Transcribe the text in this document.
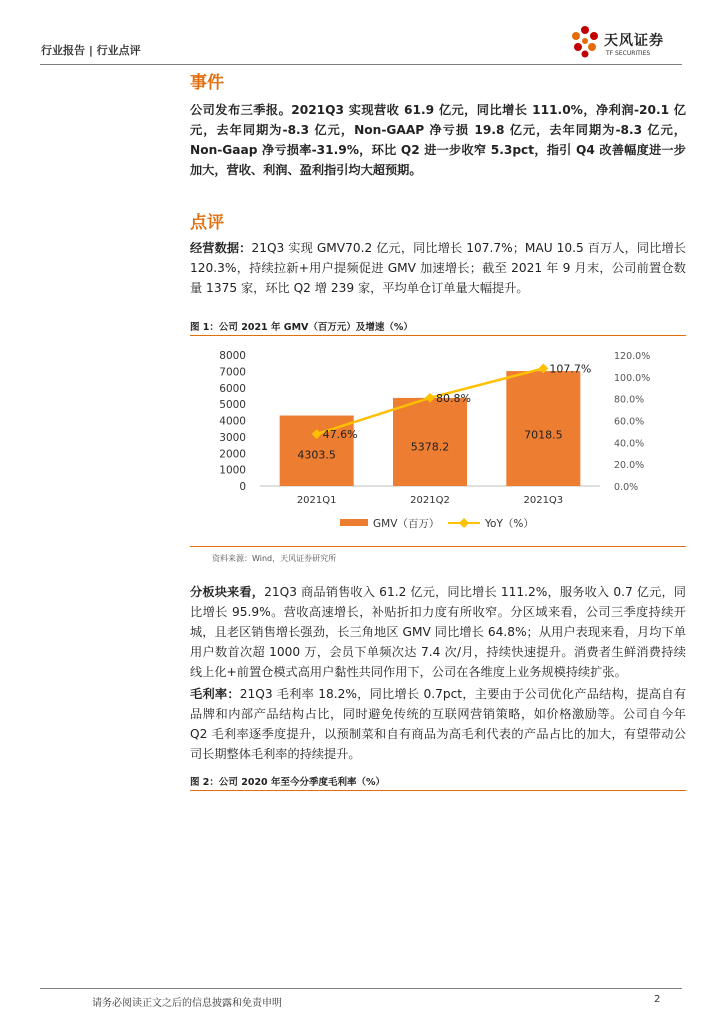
行业报告 | 行业点评
天风证券
TF SECURITIES
事件
公司发布三季报。2021Q3 实现营收 61.9 亿元，同比增长 111.0%，净利润-20.1 亿元，去年同期为-8.3 亿元，Non-GAAP 净亏损 19.8 亿元，去年同期为-8.3 亿元，Non-Gaap 净亏损率-31.9%，环比 Q2 进一步收窄 5.3pct，指引 Q4 改善幅度进一步加大，营收、利润、盈利指引均大超预期。
点评
经营数据：21Q3 实现 GMV70.2 亿元，同比增长 107.7%；MAU 10.5 百万人，同比增长 120.3%，持续拉新+用户提频促进 GMV 加速增长；截至 2021 年 9 月末，公司前置仓数量 1375 家，环比 Q2 增 239 家，平均单仓订单量大幅提升。
图 1：公司 2021 年 GMV（百万元）及增速（%）
0
1000
2000
3000
4000
5000
6000
7000
8000
0.0%
20.0%
40.0%
60.0%
80.0%
100.0%
120.0%
4303.5
5378.2
7018.5
47.6%
80.8%
107.7%
2021Q1	2021Q2	2021Q3
GMV（百万）	YoY（%）
资料来源：Wind，天风证券研究所
分板块来看，21Q3 商品销售收入 61.2 亿元，同比增长 111.2%，服务收入 0.7 亿元，同比增长 95.9%。营收高速增长，补贴折扣力度有所收窄。分区域来看，公司三季度持续开城，且老区销售增长强劲，长三角地区 GMV 同比增长 64.8%；从用户表现来看，月均下单用户数首次超 1000 万，会员下单频次达 7.4 次/月，持续快速提升。消费者生鲜消费持续线上化+前置仓模式高用户黏性共同作用下，公司在各维度上业务规模持续扩张。
毛利率：21Q3 毛利率 18.2%，同比增长 0.7pct，主要由于公司优化产品结构，提高自有品牌和内部产品结构占比，同时避免传统的互联网营销策略，如价格激励等。公司自今年 Q2 毛利率逐季度提升，以预制菜和自有商品为高毛利代表的产品占比的加大，有望带动公司长期整体毛利率的持续提升。
图 2：公司 2020 年至今分季度毛利率（%）
请务必阅读正文之后的信息披露和免责申明	2
